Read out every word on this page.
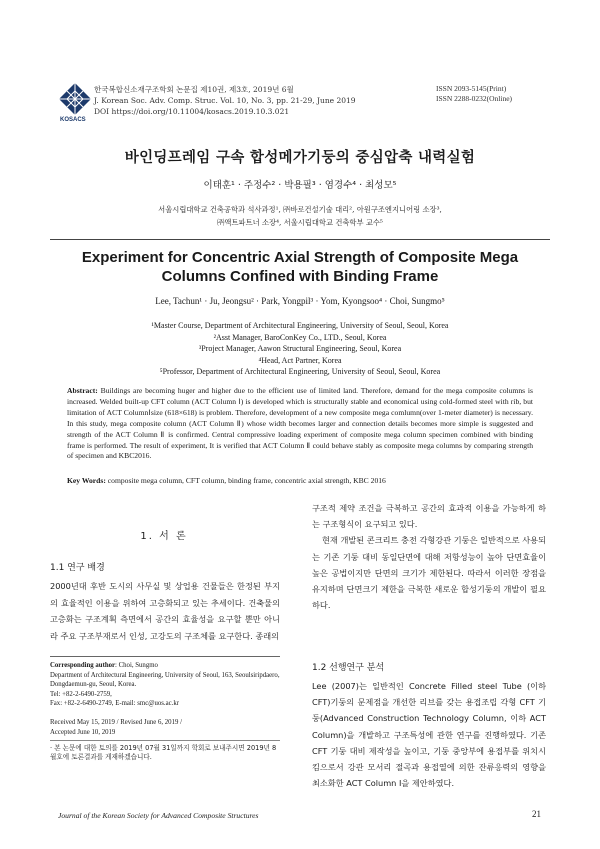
KOSACS
한국복합신소재구조학회 논문집 제10권, 제3호, 2019년 6월
J. Korean Soc. Adv. Comp. Struc. Vol. 10, No. 3, pp. 21-29, June 2019
DOI https://doi.org/10.11004/kosacs.2019.10.3.021
ISSN 2093-5145(Print)
ISSN 2288-0232(Online)
바인딩프레임 구속 합성메가기둥의 중심압축 내력실험
이태훈¹ · 주정수² · 박용필³ · 염경수⁴ · 최성모⁵
서울시립대학교 건축공학과 석사과정¹, ㈜바로건설기술 대리², 아원구조엔지니어링 소장³,
㈜액트파트너 소장⁴, 서울시립대학교 건축학부 교수⁵
Experiment for Concentric Axial Strength of Composite Mega
Columns Confined with Binding Frame
Lee, Tachun¹ · Ju, Jeongsu² · Park, Yongpil³ · Yom, Kyongsoo⁴ · Choi, Sungmo⁵
¹Master Course, Department of Architectural Engineering, University of Seoul, Seoul, Korea
²Asst Manager, BaroConKey Co., LTD., Seoul, Korea
³Project Manager, Aawon Structural Engineering, Seoul, Korea
⁴Head, Act Partner, Korea
⁵Professor, Department of Architectural Engineering, University of Seoul, Seoul, Korea
Abstract: Buildings are becoming huger and higher due to the efficient use of limited land. Therefore, demand for the mega composite columns is increased. Welded built-up CFT column (ACT Column Ⅰ) is developed which is structurally stable and economical using cold-formed steel with rib, but limitation of ACT ColumnⅠsize (618×618) is problem. Therefore, development of a new composite mega comlumn(over 1-meter diameter) is necessary. In this study, mega composite column (ACT Column Ⅱ) whose width becomes larger and connection details becomes more simple is suggested and strength of the ACT Column Ⅱ is confirmed. Central compressive loading experiment of composite mega column specimen combined with binding frame is performed. The result of experiment, It is verified that ACT Column Ⅱ could behave stably as composite mega columns by comparing strength of specimen and KBC2016.
Key Words: composite mega column, CFT column, binding frame, concentric axial strength, KBC 2016
1. 서 론
1.1 연구 배경
2000년대 후반 도시의 사무실 및 상업용 건물들은 한정된 부지의 효율적인 이용을 위하여 고층화되고 있는 추세이다. 건축물의 고층화는 구조계획 측면에서 공간의 효율성을 요구할 뿐만 아니라 주요 구조부재로서 인성, 고강도의 구조체를 요구한다. 종래의
Corresponding author: Choi, Sungmo
Department of Architectural Engineering, University of Seoul, 163, Seoulsiripdaero, Dongdaemun-gu, Seoul, Korea.
Tel: +82-2-6490-2759,
Fax: +82-2-6490-2749, E-mail: smc@uos.ac.kr
Received May 15, 2019 / Revised June 6, 2019 /
Accepted June 10, 2019
· 본 논문에 대한 토의를 2019년 07월 31일까지 학회로 보내주시면 2019년 8월호에 토론결과를 게재하겠습니다.

구조적 제약 조건을 극복하고 공간의 효과적 이용을 가능하게 하는 구조형식이 요구되고 있다.

현재 개발된 콘크리트 충전 각형강관 기둥은 일반적으로 사용되는 기존 기둥 대비 동일단면에 대해 저항성능이 높아 단면효율이 높은 공법이지만 단면의 크기가 제한된다. 따라서 이러한 장점을 유지하며 단면크기 제한을 극복한 새로운 합성기둥의 개발이 필요하다.

1.2 선행연구 분석
Lee (2007)는 일반적인 Concrete Filled steel Tube (이하 CFT)기둥의 문제점을 개선한 리브를 갖는 용접조립 각형 CFT 기둥(Advanced Construction Technology Column, 이하 ACT Column)을 개발하고 구조특성에 관한 연구를 진행하였다. 기존 CFT 기둥 대비 제작성을 높이고, 기둥 중앙부에 용접부를 위치시킴으로서 강관 모서리 절곡과 용접열에 의한 잔류응력의 영향을 최소화한 ACT Column Ⅰ을 제안하였다.
Journal of the Korean Society for Advanced Composite Structures	21
